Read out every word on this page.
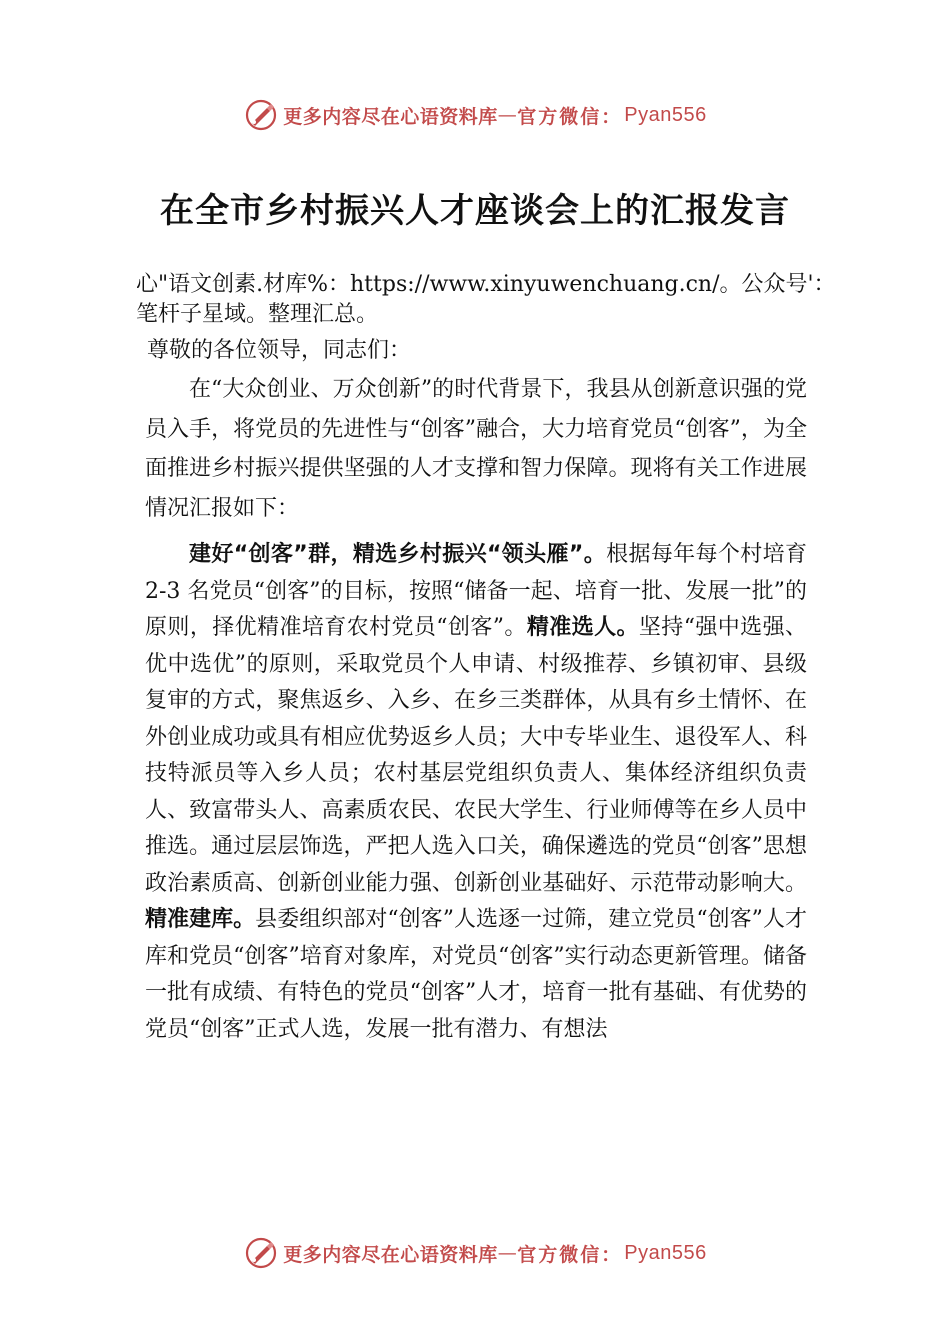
更多内容尽在心语资料库 — 官方微信： Pyan556
在全市乡村振兴人才座谈会上的汇报发言
心"语文创素.材库%：https://www.xinyuwenchuang.cn/。公众号'：笔杆子星域。整理汇总。
尊敬的各位领导，同志们：
在“大众创业、万众创新”的时代背景下，我县从创新意识强的党员入手，将党员的先进性与“创客”融合，大力培育党员“创客”，为全面推进乡村振兴提供坚强的人才支撑和智力保障。现将有关工作进展情况汇报如下：
建好“创客”群，精选乡村振兴“领头雁”。根据每年每个村培育 2-3 名党员“创客”的目标，按照“储备一起、培育一批、发展一批”的原则，择优精准培育农村党员“创客”。精准选人。坚持“强中选强、优中选优”的原则，采取党员个人申请、村级推荐、乡镇初审、县级复审的方式，聚焦返乡、入乡、在乡三类群体，从具有乡土情怀、在外创业成功或具有相应优势返乡人员；大中专毕业生、退役军人、科技特派员等入乡人员；农村基层党组织负责人、集体经济组织负责人、致富带头人、高素质农民、农民大学生、行业师傅等在乡人员中推选。通过层层饰选，严把人选入口关，确保遴选的党员“创客”思想政治素质高、创新创业能力强、创新创业基础好、示范带动影响大。精准建库。县委组织部对“创客”人选逐一过筛，建立党员“创客”人才库和党员“创客”培育对象库，对党员“创客”实行动态更新管理。储备一批有成绩、有特色的党员“创客”人才，培育一批有基础、有优势的党员“创客”正式人选，发展一批有潜力、有想法
更多内容尽在心语资料库 — 官方微信： Pyan556
